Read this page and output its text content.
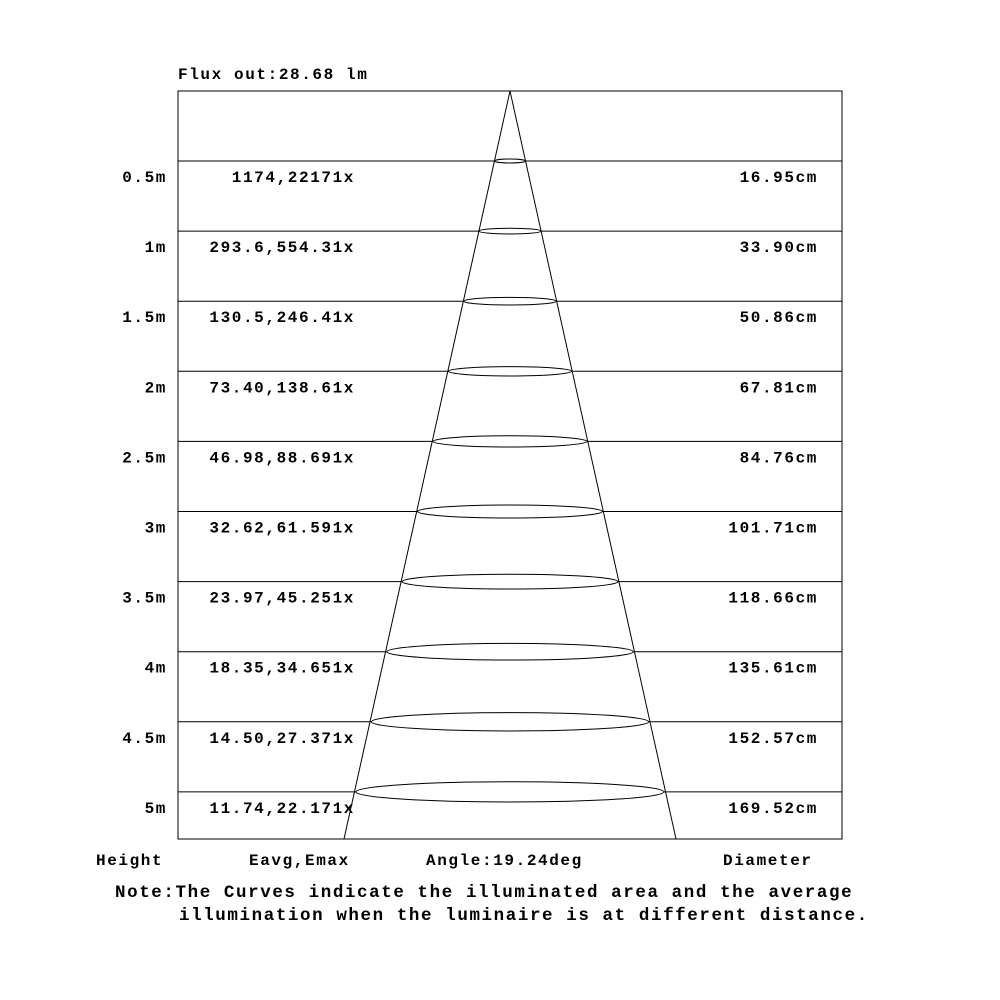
Flux out:28.68 lm
0.5m	1174,22171x	16.95cm
1m	293.6,554.31x	33.90cm
1.5m	130.5,246.41x	50.86cm
2m	73.40,138.61x	67.81cm
2.5m	46.98,88.691x	84.76cm
3m	32.62,61.591x	101.71cm
3.5m	23.97,45.251x	118.66cm
4m	18.35,34.651x	135.61cm
4.5m	14.50,27.371x	152.57cm
5m	11.74,22.171x	169.52cm
Height	Eavg,Emax	Angle:19.24deg	Diameter
Note:The Curves indicate the illuminated area and the average
illumination when the luminaire is at different distance.
